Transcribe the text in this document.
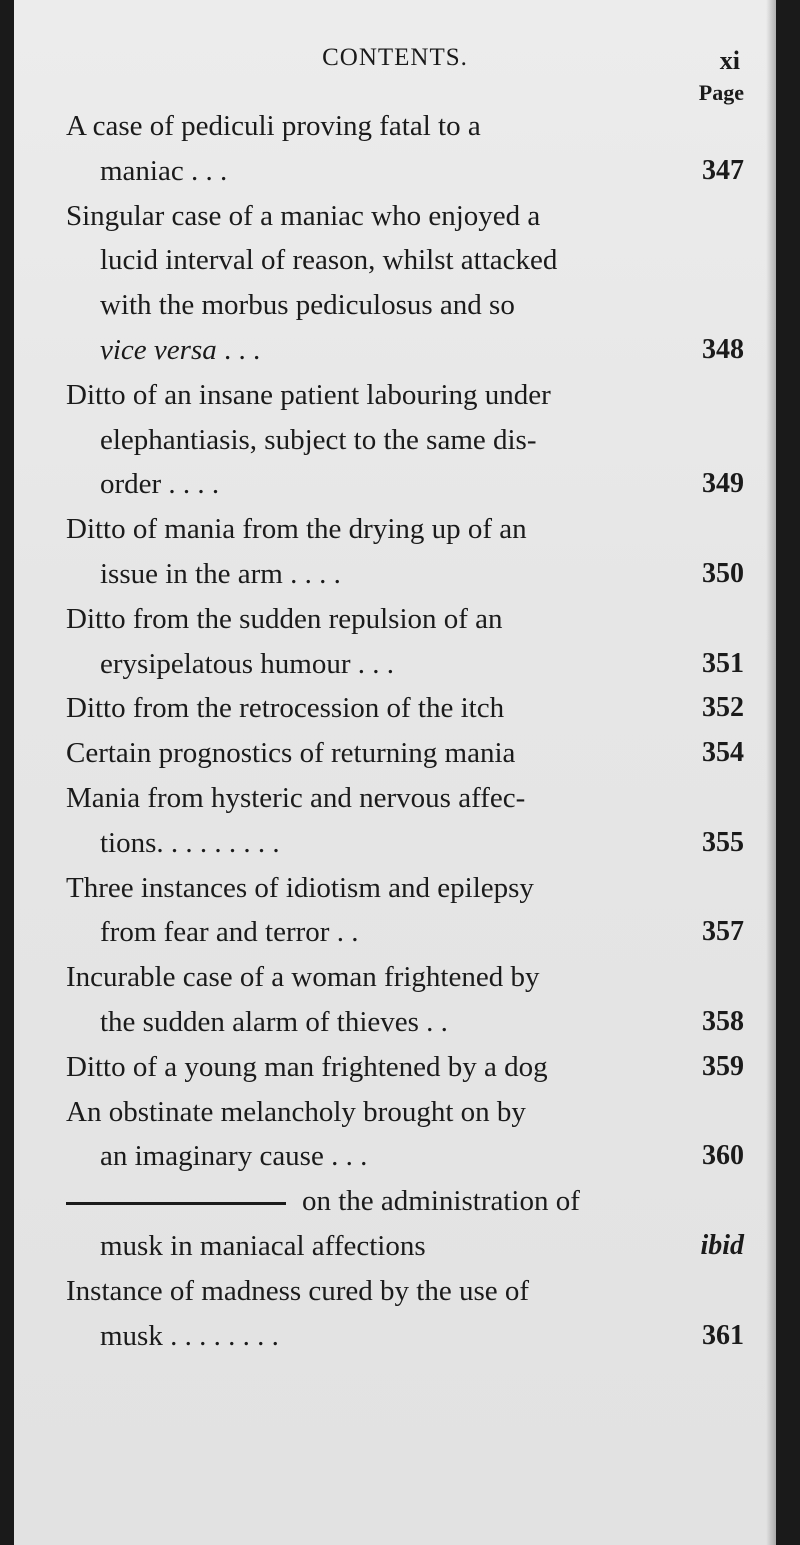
CONTENTS.	xi
Page
A case of pediculi proving fatal to a
maniac . . .	347
Singular case of a maniac who enjoyed a
lucid interval of reason, whilst attacked
with the morbus pediculosus and so
vice versa . . .	348
Ditto of an insane patient labouring under
elephantiasis, subject to the same dis-
order . . . .	349
Ditto of mania from the drying up of an
issue in the arm . . . .	350
Ditto from the sudden repulsion of an
erysipelatous humour . . .	351
Ditto from the retrocession of the itch	352
Certain prognostics of returning mania	354
Mania from hysteric and nervous affec-
tions. . . . . . . . .	355
Three instances of idiotism and epilepsy
from fear and terror . .	357
Incurable case of a woman frightened by
the sudden alarm of thieves . .	358
Ditto of a young man frightened by a dog	359
An obstinate melancholy brought on by
an imaginary cause . . .	360
on the administration of
musk in maniacal affections	ibid
Instance of madness cured by the use of
musk . . . . . . . .	361
